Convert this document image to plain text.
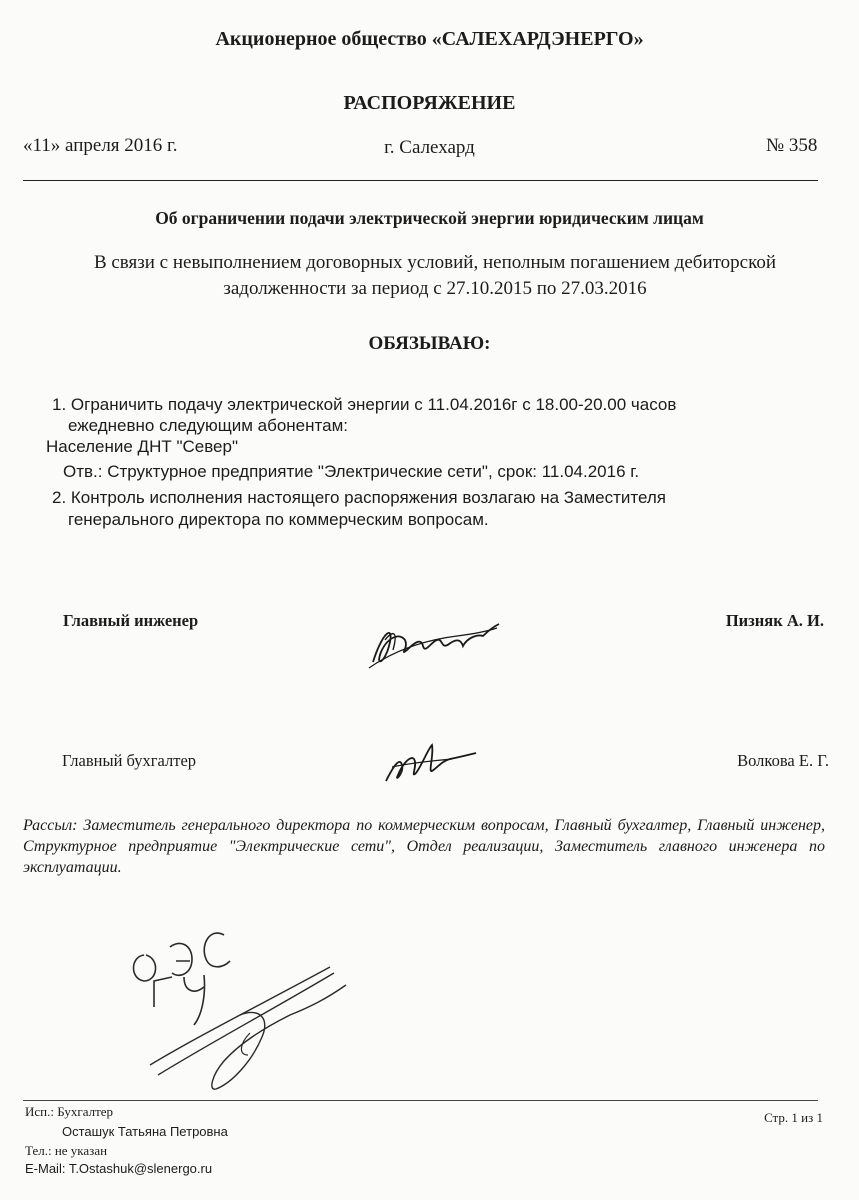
Акционерное общество «САЛЕХАРДЭНЕРГО»
РАСПОРЯЖЕНИЕ
«11» апреля 2016 г.	г. Салехард	№ 358
Об ограничении подачи электрической энергии юридическим лицам
В связи с невыполнением договорных условий, неполным погашением дебиторской задолженности за период с 27.10.2015 по 27.03.2016
ОБЯЗЫВАЮ:
1. Ограничить подачу электрической энергии с 11.04.2016г с 18.00-20.00 часов
ежедневно следующим абонентам:
Население ДНТ "Север"
Отв.: Структурное предприятие "Электрические сети", срок: 11.04.2016 г.
2. Контроль исполнения настоящего распоряжения возлагаю на Заместителя
генерального директора по коммерческим вопросам.
Главный инженер	Пизняк А. И.
Главный бухгалтер	Волкова Е. Г.
Рассыл: Заместитель генерального директора по коммерческим вопросам, Главный бухгалтер, Главный инженер, Структурное предприятие "Электрические сети", Отдел реализации, Заместитель главного инженера по эксплуатации.
Исп.: Бухгалтер
Осташук Татьяна Петровна
Тел.: не указан
E-Mail: T.Ostashuk@slenergo.ru
Стр. 1 из 1
